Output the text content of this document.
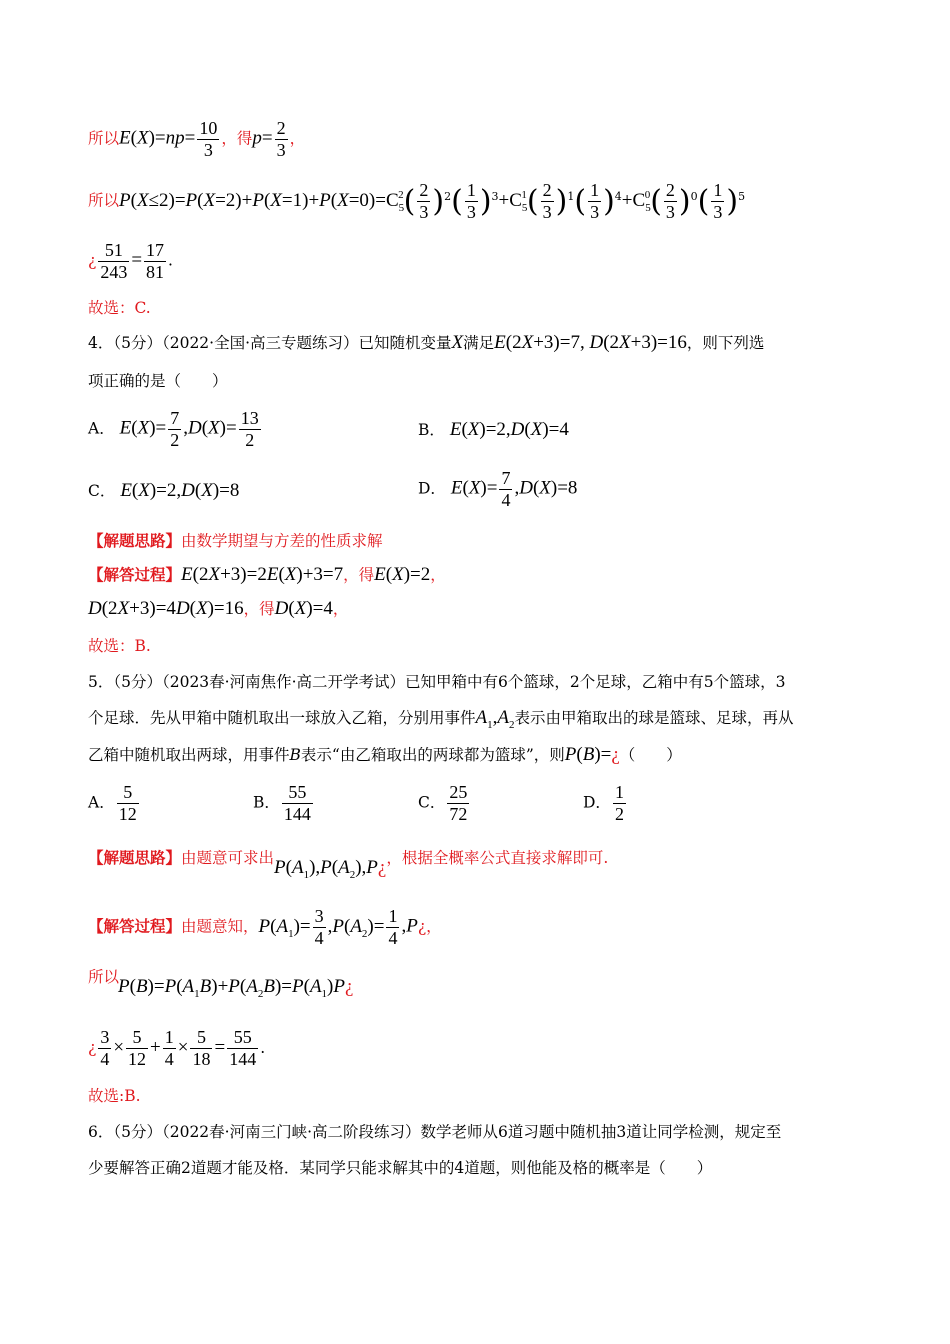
所以$E(X)=np= \frac{10}{3}$ ，得$p= \frac{2}{3}$ ，
所以$P(X\le 2)=P(X=2)+P(X=1)+P(X=0)=C_5^2( \frac{2}{3} )^2( \frac{1}{3} )^3+C_5^1( \frac{2}{3} )^1( \frac{1}{3} )^4+C_5^0( \frac{2}{3} )^0( \frac{1}{3} )^5$
¿ $\frac{51}{243} = \frac{17}{81}$ .
故选：C.
4．（5分）（2022·全国·高三专题练习）已知随机变量X满足E(2X+3)=7, D(2X+3)=16，则下列选
项正确的是（　　）
A． $E(X)= \frac{7}{2} ,D(X)= \frac{13}{2}$	B． E(X)=2,D(X)=4
C． E(X)=2,D(X)=8	D． $E(X)= \frac{7}{4} ,D(X)=8$
【解题思路】由数学期望与方差的性质求解
【解答过程】E(2X+3)=2E(X)+3=7，得E(X)=2，
D(2X+3)=4D(X)=16，得D(X)=4，
故选：B.
5．（5分）（2023春·河南焦作·高二开学考试）已知甲箱中有6个篮球，2个足球，乙箱中有5个篮球，3
个足球．先从甲箱中随机取出一球放入乙箱，分别用事件$A_1,A_2$表示由甲箱取出的球是篮球、足球，再从
乙箱中随机取出两球，用事件B表示“由乙箱取出的两球都为篮球”，则P(B)=¿（　　）
A． $\frac{5}{12}$	B． $\frac{55}{144}$	C． $\frac{25}{72}$	D． $\frac{1}{2}$
【解题思路】由题意可求出$P(A_1),P(A_2),P¿$，根据全概率公式直接求解即可.
【解答过程】由题意知，$P(A_1)= \frac{3}{4} ,P(A_2)= \frac{1}{4}$ ,P¿，
所以
$P(B)=P(A_1B)+P(A_2B)=P(A_1)P¿$
¿ $\frac{3}{4} \times \frac{5}{12} + \frac{1}{4} \times \frac{5}{18} = \frac{55}{144}$ .
故选:B.
6．（5分）（2022春·河南三门峡·高二阶段练习）数学老师从6道习题中随机抽3道让同学检测，规定至
少要解答正确2道题才能及格．某同学只能求解其中的4道题，则他能及格的概率是（　　）
